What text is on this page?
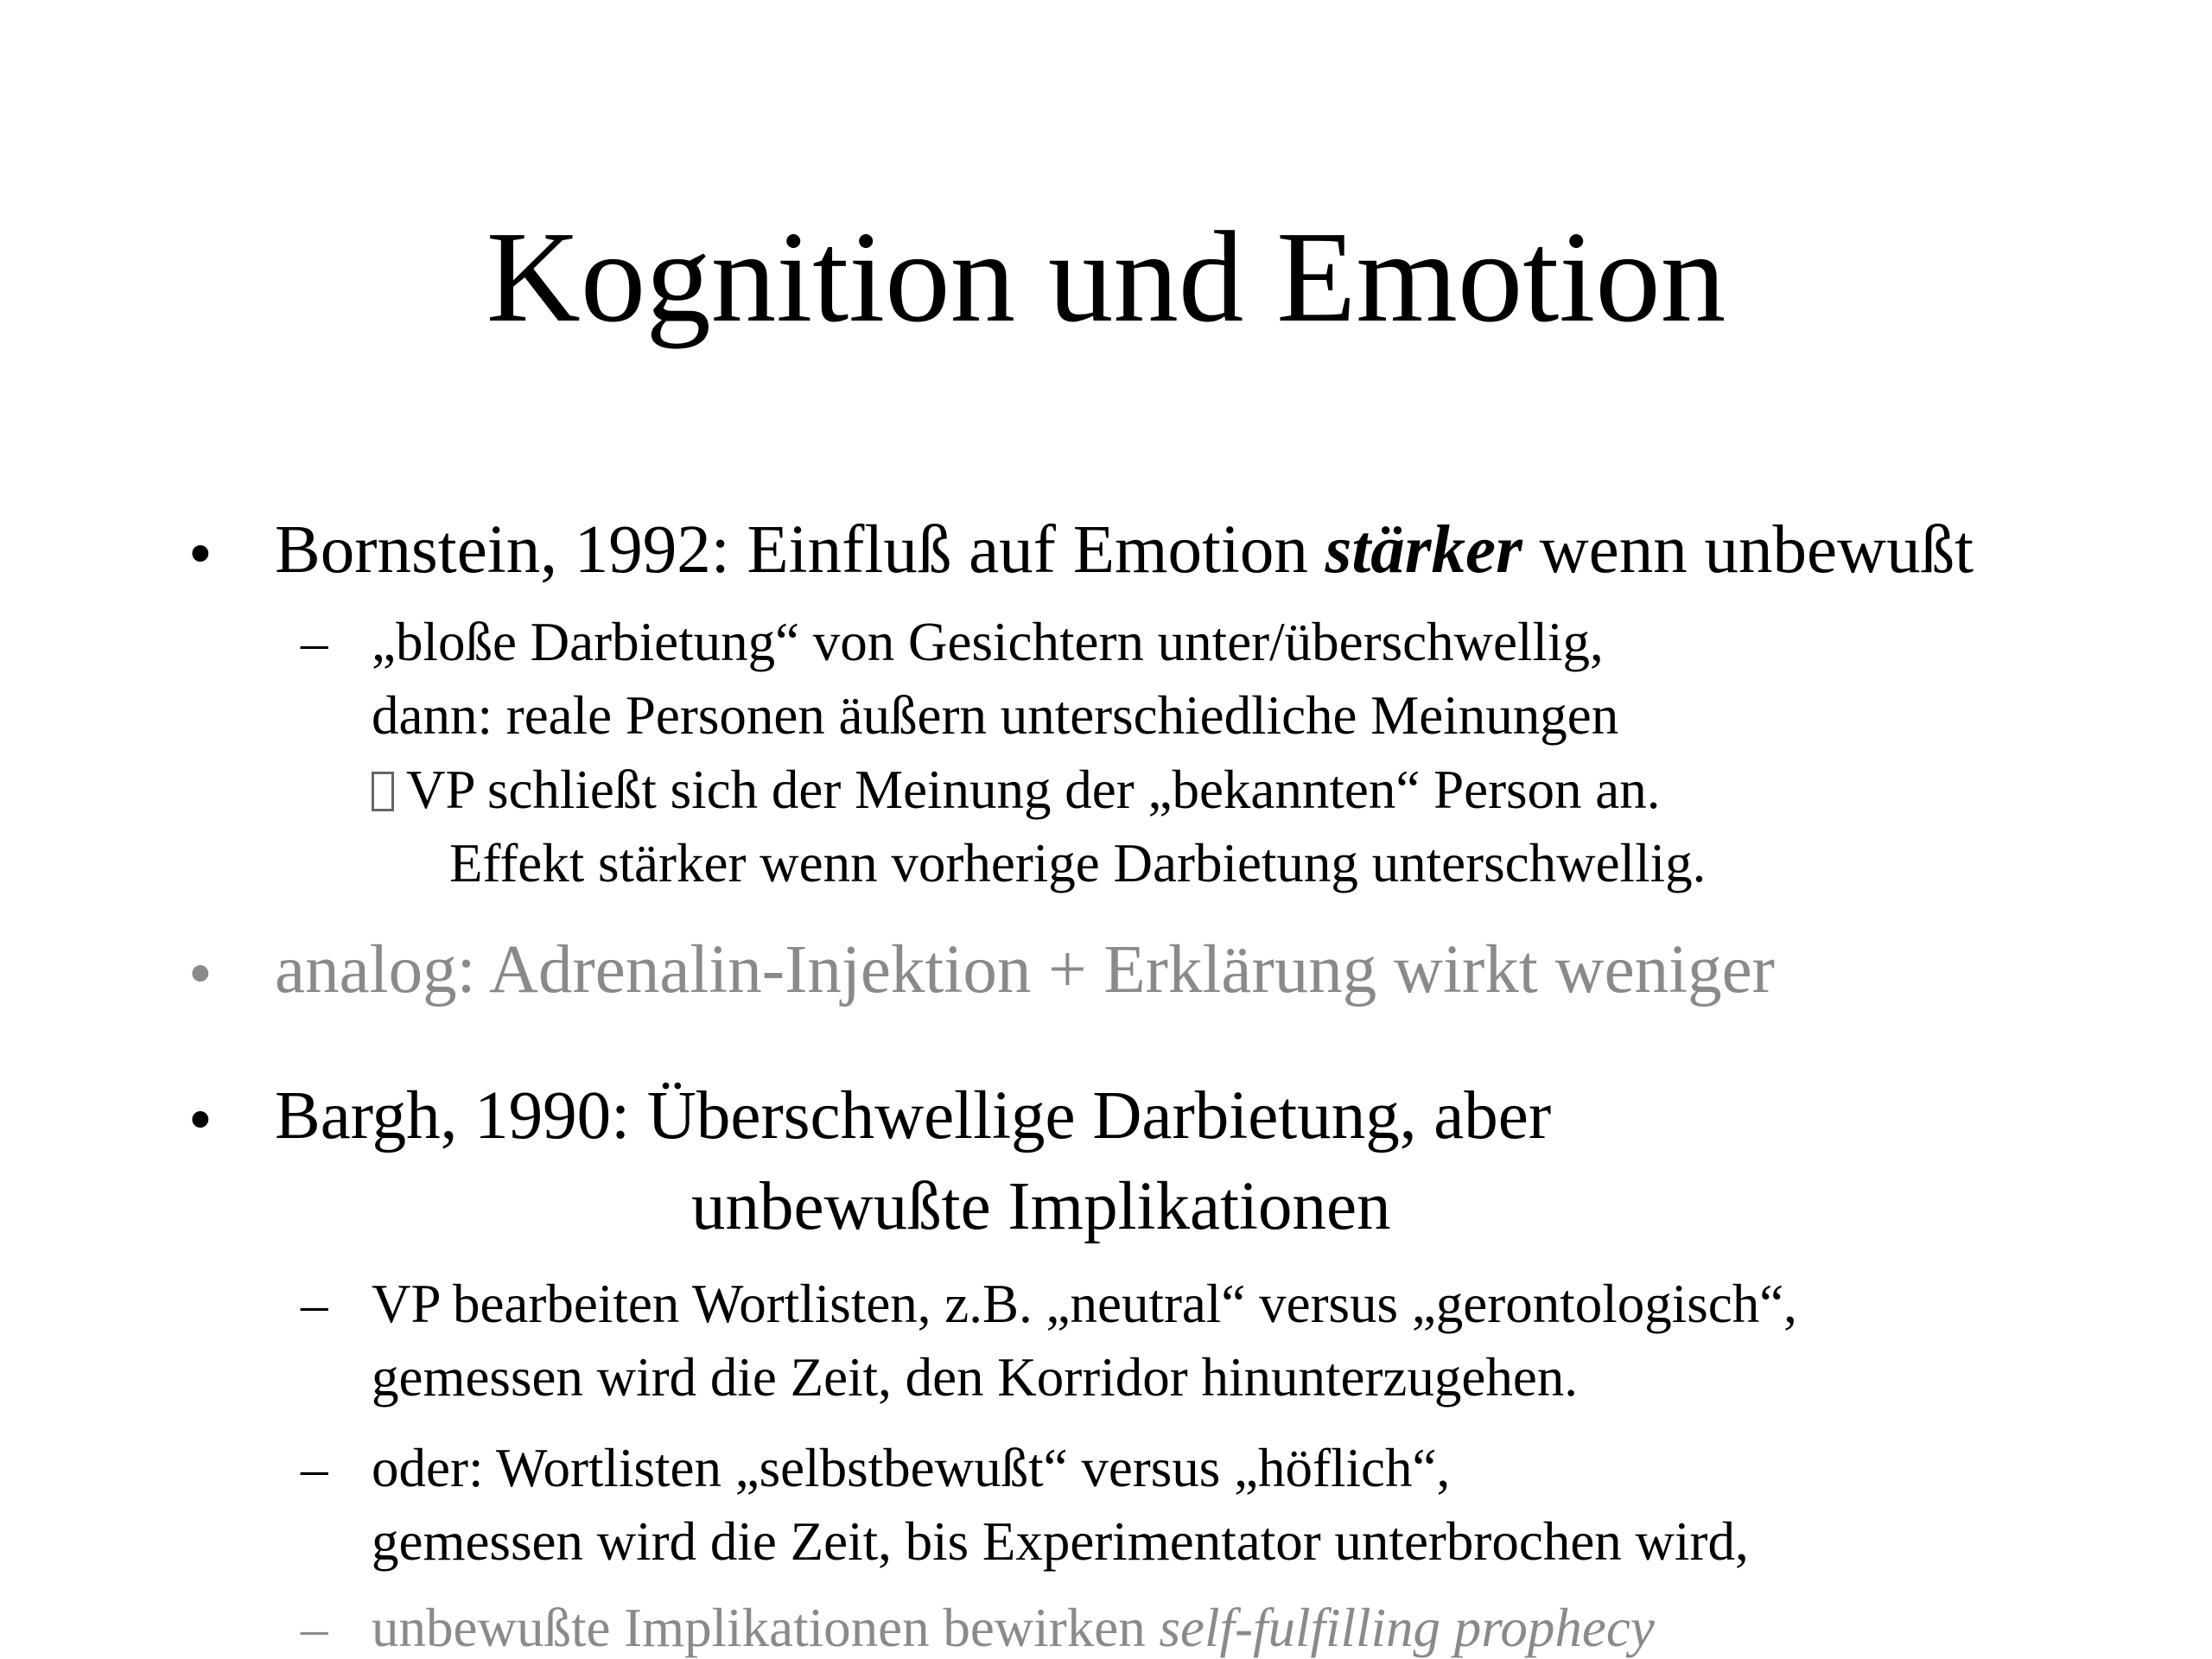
Kognition und Emotion
• Bornstein, 1992: Einfluß auf Emotion stärker wenn unbewußt
– „bloße Darbietung“ von Gesichtern unter/überschwellig,
dann: reale Personen äußern unterschiedliche Meinungen
VP schließt sich der Meinung der „bekannten“ Person an.
Effekt stärker wenn vorherige Darbietung unterschwellig.
• analog: Adrenalin-Injektion + Erklärung wirkt weniger
• Bargh, 1990: Überschwellige Darbietung, aber
unbewußte Implikationen
– VP bearbeiten Wortlisten, z.B. „neutral“ versus „gerontologisch“,
gemessen wird die Zeit, den Korridor hinunterzugehen.
– oder: Wortlisten „selbstbewußt“ versus „höflich“,
gemessen wird die Zeit, bis Experimentator unterbrochen wird,
– unbewußte Implikationen bewirken self-fulfilling prophecy
